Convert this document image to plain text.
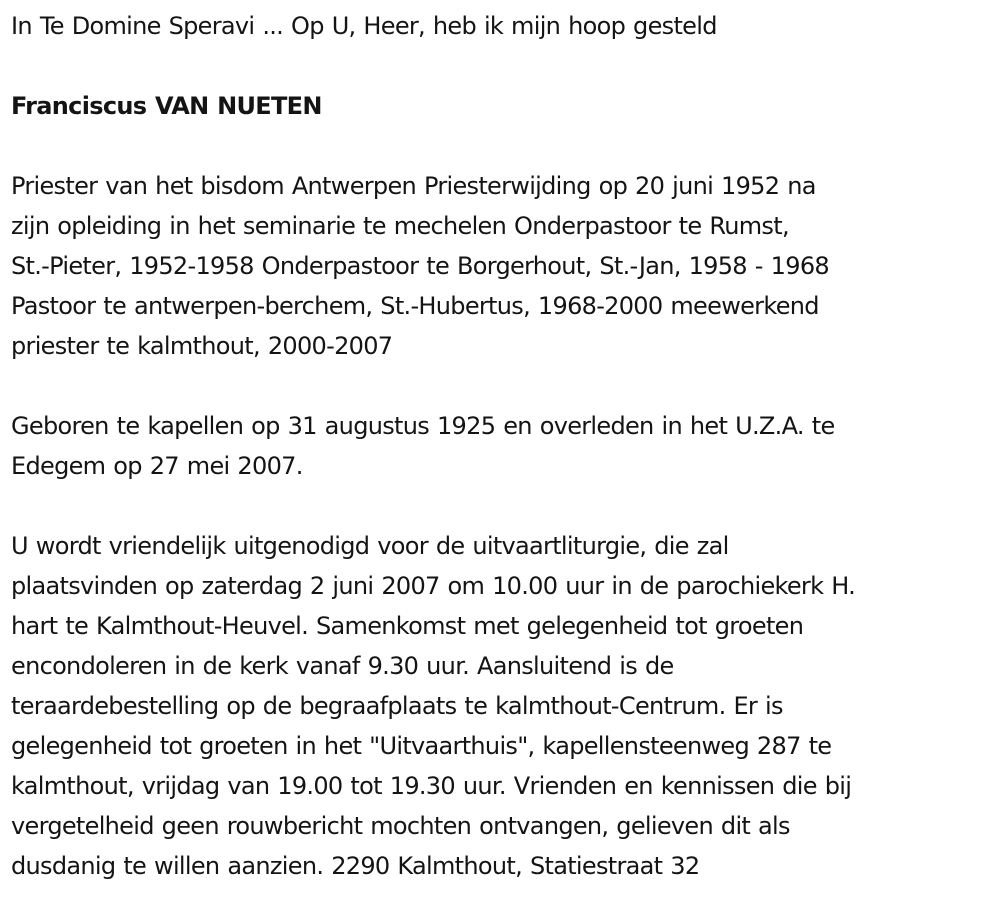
In Te Domine Speravi ... Op U, Heer, heb ik mijn hoop gesteld
Franciscus VAN NUETEN
Priester van het bisdom Antwerpen Priesterwijding op 20 juni 1952 na
zijn opleiding in het seminarie te mechelen Onderpastoor te Rumst,
St.-Pieter, 1952-1958 Onderpastoor te Borgerhout, St.-Jan, 1958 - 1968
Pastoor te antwerpen-berchem, St.-Hubertus, 1968-2000 meewerkend
priester te kalmthout, 2000-2007
Geboren te kapellen op 31 augustus 1925 en overleden in het U.Z.A. te
Edegem op 27 mei 2007.
U wordt vriendelijk uitgenodigd voor de uitvaartliturgie, die zal
plaatsvinden op zaterdag 2 juni 2007 om 10.00 uur in de parochiekerk H.
hart te Kalmthout-Heuvel. Samenkomst met gelegenheid tot groeten
encondoleren in de kerk vanaf 9.30 uur. Aansluitend is de
teraardebestelling op de begraafplaats te kalmthout-Centrum. Er is
gelegenheid tot groeten in het "Uitvaarthuis", kapellensteenweg 287 te
kalmthout, vrijdag van 19.00 tot 19.30 uur. Vrienden en kennissen die bij
vergetelheid geen rouwbericht mochten ontvangen, gelieven dit als
dusdanig te willen aanzien. 2290 Kalmthout, Statiestraat 32
